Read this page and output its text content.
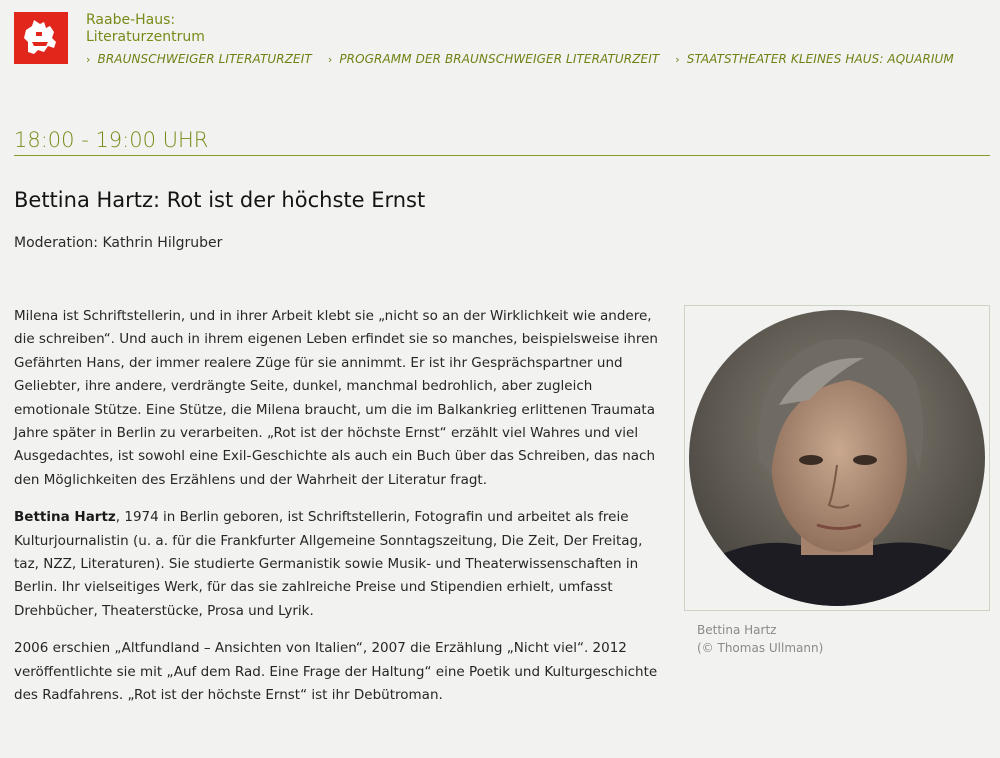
Raabe-Haus:
Literaturzentrum
› BRAUNSCHWEIGER LITERATURZEIT › PROGRAMM DER BRAUNSCHWEIGER LITERATURZEIT › STAATSTHEATER KLEINES HAUS: AQUARIUM
18:00 - 19:00 UHR
Bettina Hartz: Rot ist der höchste Ernst
Moderation: Kathrin Hilgruber

Milena ist Schriftstellerin, und in ihrer Arbeit klebt sie „nicht so an der Wirklichkeit wie andere, die schreiben“. Und auch in ihrem eigenen Leben erfindet sie so manches, beispielsweise ihren Gefährten Hans, der immer realere Züge für sie annimmt. Er ist ihr Gesprächspartner und Geliebter, ihre andere, verdrängte Seite, dunkel, manchmal bedrohlich, aber zugleich emotionale Stütze. Eine Stütze, die Milena braucht, um die im Balkankrieg erlittenen Traumata Jahre später in Berlin zu verarbeiten. „Rot ist der höchste Ernst“ erzählt viel Wahres und viel Ausgedachtes, ist sowohl eine Exil-Geschichte als auch ein Buch über das Schreiben, das nach den Möglichkeiten des Erzählens und der Wahrheit der Literatur fragt.

Bettina Hartz, 1974 in Berlin geboren, ist Schriftstellerin, Fotografin und arbeitet als freie Kulturjournalistin (u. a. für die Frankfurter Allgemeine Sonntagszeitung, Die Zeit, Der Freitag, taz, NZZ, Literaturen). Sie studierte Germanistik sowie Musik- und Theaterwissenschaften in Berlin. Ihr vielseitiges Werk, für das sie zahlreiche Preise und Stipendien erhielt, umfasst Drehbücher, Theaterstücke, Prosa und Lyrik.

2006 erschien „Altfundland – Ansichten von Italien“, 2007 die Erzählung „Nicht viel“. 2012 veröffentlichte sie mit „Auf dem Rad. Eine Frage der Haltung“ eine Poetik und Kulturgeschichte des Radfahrens. „Rot ist der höchste Ernst“ ist ihr Debütroman.

Bettina Hartz
(© Thomas Ullmann)
